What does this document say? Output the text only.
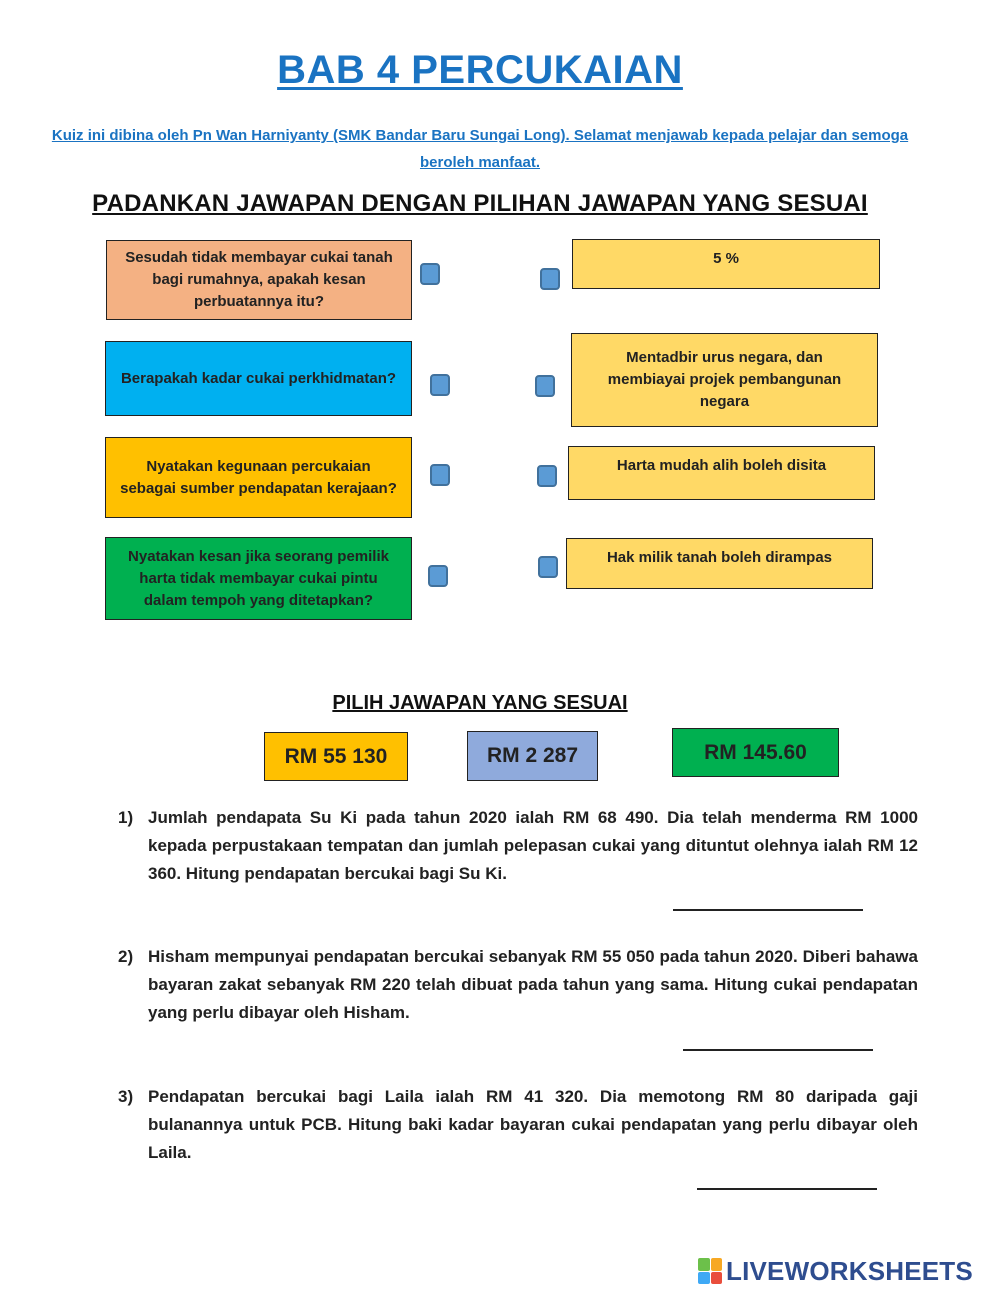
BAB 4 PERCUKAIAN

Kuiz ini dibina oleh Pn Wan Harniyanty (SMK Bandar Baru Sungai Long). Selamat menjawab kepada pelajar dan semoga beroleh manfaat.

PADANKAN JAWAPAN DENGAN PILIHAN JAWAPAN YANG SESUAI
Sesudah tidak membayar cukai tanah bagi rumahnya, apakah kesan perbuatannya itu?
Berapakah kadar cukai perkhidmatan?
Nyatakan kegunaan percukaian sebagai sumber pendapatan kerajaan?
Nyatakan kesan jika seorang pemilik harta tidak membayar cukai pintu dalam tempoh yang ditetapkan?
5 %
Mentadbir urus negara, dan membiayai projek pembangunan negara
Harta mudah alih boleh disita
Hak milik tanah boleh dirampas
PILIH JAWAPAN YANG SESUAI
RM 55 130	RM 2 287	RM 145.60
1) Jumlah pendapata Su Ki pada tahun 2020 ialah RM 68 490. Dia telah menderma RM 1000 kepada perpustakaan tempatan dan jumlah pelepasan cukai yang dituntut olehnya ialah RM 12 360. Hitung pendapatan bercukai bagi Su Ki.

2) Hisham mempunyai pendapatan bercukai sebanyak RM 55 050 pada tahun 2020. Diberi bahawa bayaran zakat sebanyak RM 220 telah dibuat pada tahun yang sama. Hitung cukai pendapatan yang perlu dibayar oleh Hisham.

3) Pendapatan bercukai bagi Laila ialah RM 41 320. Dia memotong RM 80 daripada gaji bulanannya untuk PCB. Hitung baki kadar bayaran cukai pendapatan yang perlu dibayar oleh Laila.

LIVEWORKSHEETS
